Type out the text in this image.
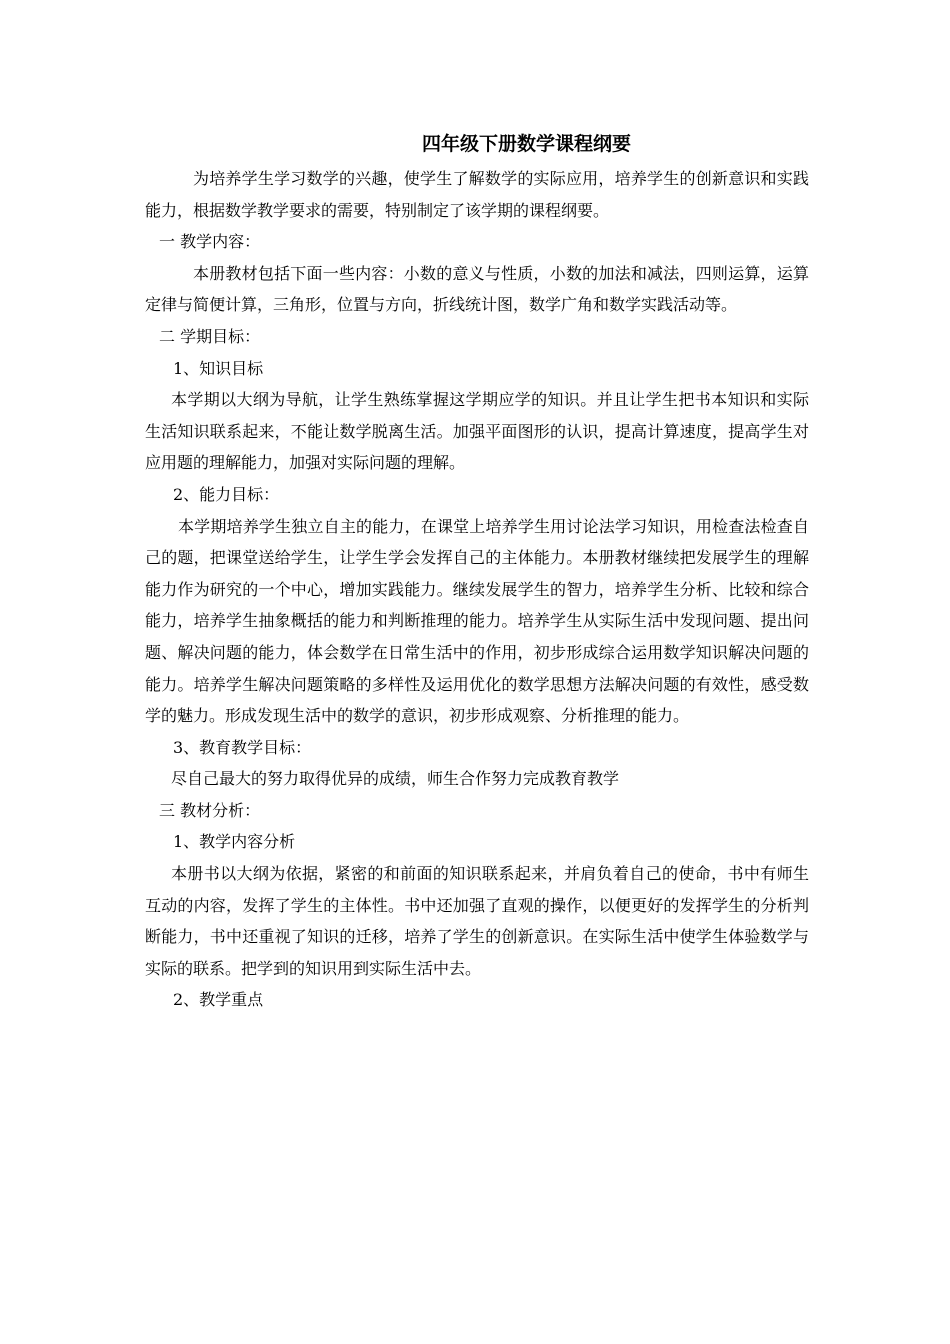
四年级下册数学课程纲要

为培养学生学习数学的兴趣，使学生了解数学的实际应用，培养学生的创新意识和实践能力，根据数学教学要求的需要，特别制定了该学期的课程纲要。

一 教学内容：

本册教材包括下面一些内容：小数的意义与性质，小数的加法和减法，四则运算，运算定律与简便计算，三角形，位置与方向，折线统计图，数学广角和数学实践活动等。

二 学期目标：

1、知识目标

本学期以大纲为导航，让学生熟练掌握这学期应学的知识。并且让学生把书本知识和实际生活知识联系起来，不能让数学脱离生活。加强平面图形的认识，提高计算速度，提高学生对应用题的理解能力，加强对实际问题的理解。

2、能力目标：

本学期培养学生独立自主的能力，在课堂上培养学生用讨论法学习知识，用检查法检查自己的题，把课堂送给学生，让学生学会发挥自己的主体能力。本册教材继续把发展学生的理解能力作为研究的一个中心，增加实践能力。继续发展学生的智力，培养学生分析、比较和综合能力，培养学生抽象概括的能力和判断推理的能力。培养学生从实际生活中发现问题、提出问题、解决问题的能力，体会数学在日常生活中的作用，初步形成综合运用数学知识解决问题的能力。培养学生解决问题策略的多样性及运用优化的数学思想方法解决问题的有效性，感受数学的魅力。形成发现生活中的数学的意识，初步形成观察、分析推理的能力。

3、教育教学目标：

尽自己最大的努力取得优异的成绩，师生合作努力完成教育教学

三 教材分析：

1、教学内容分析

本册书以大纲为依据，紧密的和前面的知识联系起来，并肩负着自己的使命，书中有师生互动的内容，发挥了学生的主体性。书中还加强了直观的操作，以便更好的发挥学生的分析判断能力，书中还重视了知识的迁移，培养了学生的创新意识。在实际生活中使学生体验数学与实际的联系。把学到的知识用到实际生活中去。

2、教学重点
